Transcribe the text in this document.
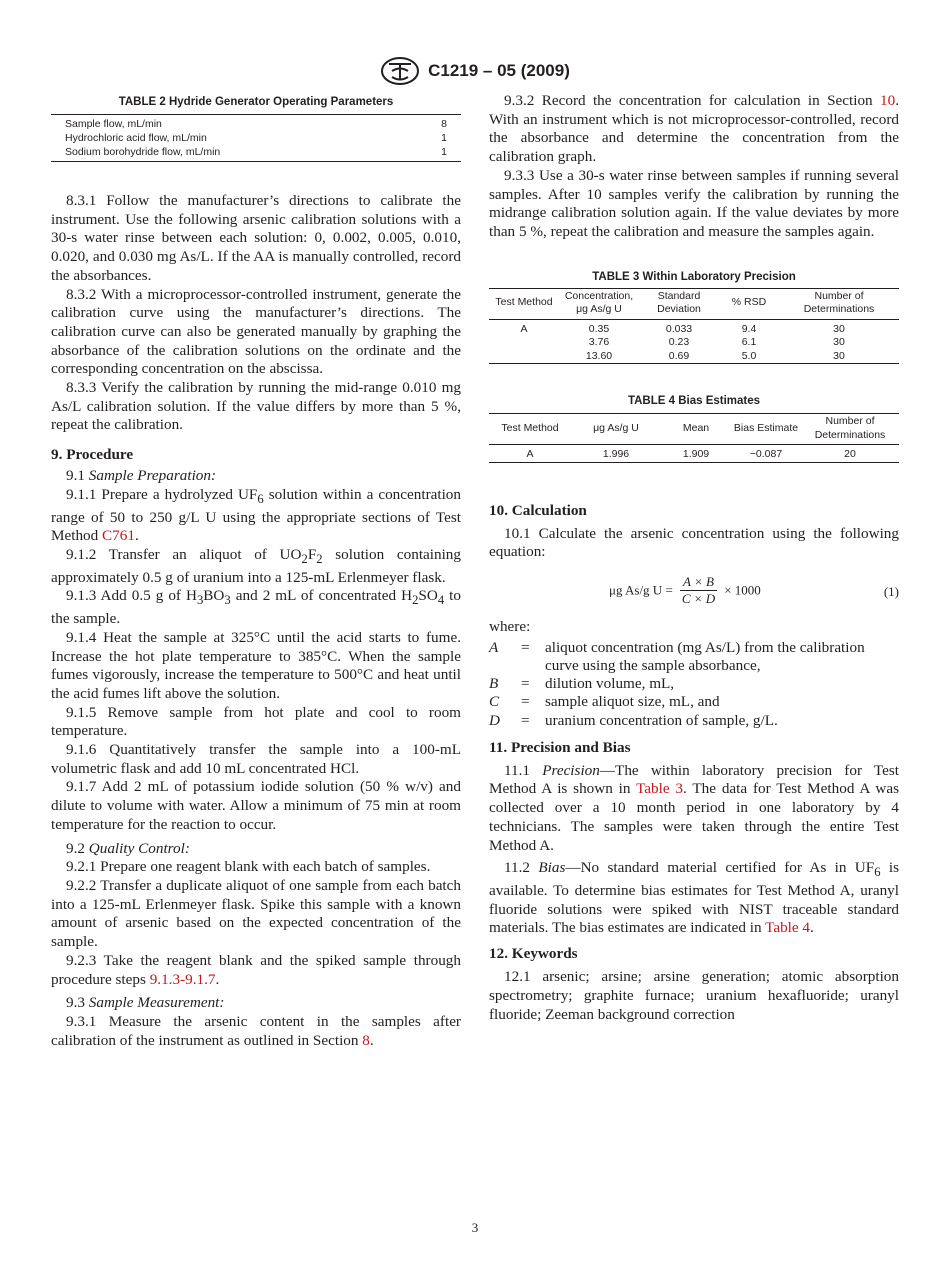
C1219 – 05 (2009)
TABLE 2 Hydride Generator Operating Parameters
Sample flow, mL/min	8
Hydrochloric acid flow, mL/min	1
Sodium borohydride flow, mL/min	1

8.3.1 Follow the manufacturer’s directions to calibrate the instrument. Use the following arsenic calibration solutions with a 30-s water rinse between each solution: 0, 0.002, 0.005, 0.010, 0.020, and 0.030 mg As/L. If the AA is manually controlled, record the absorbances.

8.3.2 With a microprocessor-controlled instrument, generate the calibration curve using the manufacturer’s directions. The calibration curve can also be generated manually by graphing the absorbance of the calibration solutions on the ordinate and the corresponding concentration on the abscissa.

8.3.3 Verify the calibration by running the mid-range 0.010 mg As/L calibration solution. If the value differs by more than 5 %, repeat the calibration.

9. Procedure

9.1 Sample Preparation:

9.1.1 Prepare a hydrolyzed $UF_6$ solution within a concentration range of 50 to 250 g/L U using the appropriate sections of Test Method C761.

9.1.2 Transfer an aliquot of $UO_2F_2$ solution containing approximately 0.5 g of uranium into a 125-mL Erlenmeyer flask.

9.1.3 Add 0.5 g of $H_3BO_3$ and 2 mL of concentrated $H_2SO_4$ to the sample.

9.1.4 Heat the sample at 325°C until the acid starts to fume. Increase the hot plate temperature to 385°C. When the sample fumes vigorously, increase the temperature to 500°C and heat until the acid fumes lift above the solution.

9.1.5 Remove sample from hot plate and cool to room temperature.

9.1.6 Quantitatively transfer the sample into a 100-mL volumetric flask and add 10 mL concentrated HCl.

9.1.7 Add 2 mL of potassium iodide solution (50 % w/v) and dilute to volume with water. Allow a minimum of 75 min at room temperature for the reaction to occur.

9.2 Quality Control:

9.2.1 Prepare one reagent blank with each batch of samples.

9.2.2 Transfer a duplicate aliquot of one sample from each batch into a 125-mL Erlenmeyer flask. Spike this sample with a known amount of arsenic based on the expected concentration of the sample.

9.2.3 Take the reagent blank and the spiked sample through procedure steps 9.1.3-9.1.7.

9.3 Sample Measurement:

9.3.1 Measure the arsenic content in the samples after calibration of the instrument as outlined in Section 8.

9.3.2 Record the concentration for calculation in Section 10. With an instrument which is not microprocessor-controlled, record the absorbance and determine the concentration from the calibration graph.

9.3.3 Use a 30-s water rinse between samples if running several samples. After 10 samples verify the calibration by running the midrange calibration solution again. If the value deviates by more than 5 %, repeat the calibration and measure the samples again.

TABLE 3 Within Laboratory Precision
Test Method	Concentration, μg As/g U	Standard Deviation	% RSD	Number of Determinations
A	0.35	0.033	9.4	30
	3.76	0.23	6.1	30
	13.60	0.69	5.0	30
TABLE 4 Bias Estimates
Test Method	μg As/g U	Mean	Bias Estimate	Number of Determinations
A	1.996	1.909	−0.087	20
10. Calculation

10.1 Calculate the arsenic concentration using the following equation:

μg As/g $U = \frac{A \times B}{C \times D} \times 1000$	(1)

where:

A	=	aliquot concentration (mg As/L) from the calibration curve using the sample absorbance,
B	=	dilution volume, mL,
C	=	sample aliquot size, mL, and
D	=	uranium concentration of sample, g/L.
11. Precision and Bias

11.1 Precision—The within laboratory precision for Test Method A is shown in Table 3. The data for Test Method A was collected over a 10 month period in one laboratory by 4 technicians. The samples were taken through the entire Test Method A.

11.2 Bias—No standard material certified for As in $UF_6$ is available. To determine bias estimates for Test Method A, uranyl fluoride solutions were spiked with NIST traceable standard materials. The bias estimates are indicated in Table 4.

12. Keywords

12.1 arsenic; arsine; arsine generation; atomic absorption spectrometry; graphite furnace; uranium hexafluoride; uranyl fluoride; Zeeman background correction

3
